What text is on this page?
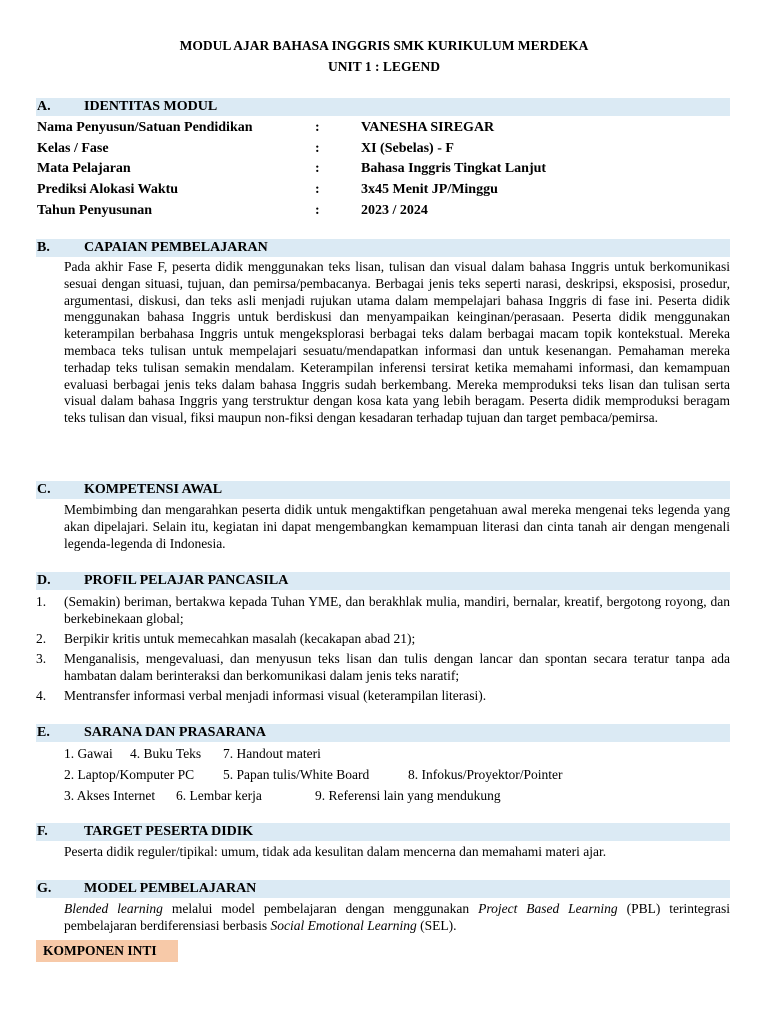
MODUL AJAR BAHASA INGGRIS SMK KURIKULUM MERDEKA
UNIT 1 : LEGEND
A. IDENTITAS MODUL
Nama Penyusun/Satuan Pendidikan	:	VANESHA SIREGAR
Kelas / Fase	:	XI (Sebelas) - F
Mata Pelajaran	:	Bahasa Inggris Tingkat Lanjut
Prediksi Alokasi Waktu	:	3x45 Menit JP/Minggu
Tahun Penyusunan	:	2023 / 2024
B. CAPAIAN PEMBELAJARAN
Pada akhir Fase F, peserta didik menggunakan teks lisan, tulisan dan visual dalam bahasa Inggris untuk berkomunikasi sesuai dengan situasi, tujuan, dan pemirsa/pembacanya. Berbagai jenis teks seperti narasi, deskripsi, eksposisi, prosedur, argumentasi, diskusi, dan teks asli menjadi rujukan utama dalam mempelajari bahasa Inggris di fase ini. Peserta didik menggunakan bahasa Inggris untuk berdiskusi dan menyampaikan keinginan/perasaan. Peserta didik menggunakan keterampilan berbahasa Inggris untuk mengeksplorasi berbagai teks dalam berbagai macam topik kontekstual. Mereka membaca teks tulisan untuk mempelajari sesuatu/mendapatkan informasi dan untuk kesenangan. Pemahaman mereka terhadap teks tulisan semakin mendalam. Keterampilan inferensi tersirat ketika memahami informasi, dan kemampuan evaluasi berbagai jenis teks dalam bahasa Inggris sudah berkembang. Mereka memproduksi teks lisan dan tulisan serta visual dalam bahasa Inggris yang terstruktur dengan kosa kata yang lebih beragam. Peserta didik memproduksi beragam teks tulisan dan visual, fiksi maupun non-fiksi dengan kesadaran terhadap tujuan dan target pembaca/pemirsa.
C. KOMPETENSI AWAL
Membimbing dan mengarahkan peserta didik untuk mengaktifkan pengetahuan awal mereka mengenai teks legenda yang akan dipelajari. Selain itu, kegiatan ini dapat mengembangkan kemampuan literasi dan cinta tanah air dengan mengenali legenda-legenda di Indonesia.
D. PROFIL PELAJAR PANCASILA
1. (Semakin) beriman, bertakwa kepada Tuhan YME, dan berakhlak mulia, mandiri, bernalar, kreatif, bergotong royong, dan berkebinekaan global;
2. Berpikir kritis untuk memecahkan masalah (kecakapan abad 21);
3. Menganalisis, mengevaluasi, dan menyusun teks lisan dan tulis dengan lancar dan spontan secara teratur tanpa ada hambatan dalam berinteraksi dan berkomunikasi dalam jenis teks naratif;
4. Mentransfer informasi verbal menjadi informasi visual (keterampilan literasi).
E. SARANA DAN PRASARANA
1. Gawai 4. Buku Teks 7. Handout materi
2. Laptop/Komputer PC 5. Papan tulis/White Board	8. Infokus/Proyektor/Pointer
3. Akses Internet 6. Lembar kerja	9. Referensi lain yang mendukung
F.	TARGET PESERTA DIDIK
Peserta didik reguler/tipikal: umum, tidak ada kesulitan dalam mencerna dan memahami materi ajar.
G. MODEL PEMBELAJARAN
Blended learning melalui model pembelajaran dengan menggunakan Project Based Learning (PBL) terintegrasi pembelajaran berdiferensiasi berbasis Social Emotional Learning (SEL).
KOMPONEN INTI
